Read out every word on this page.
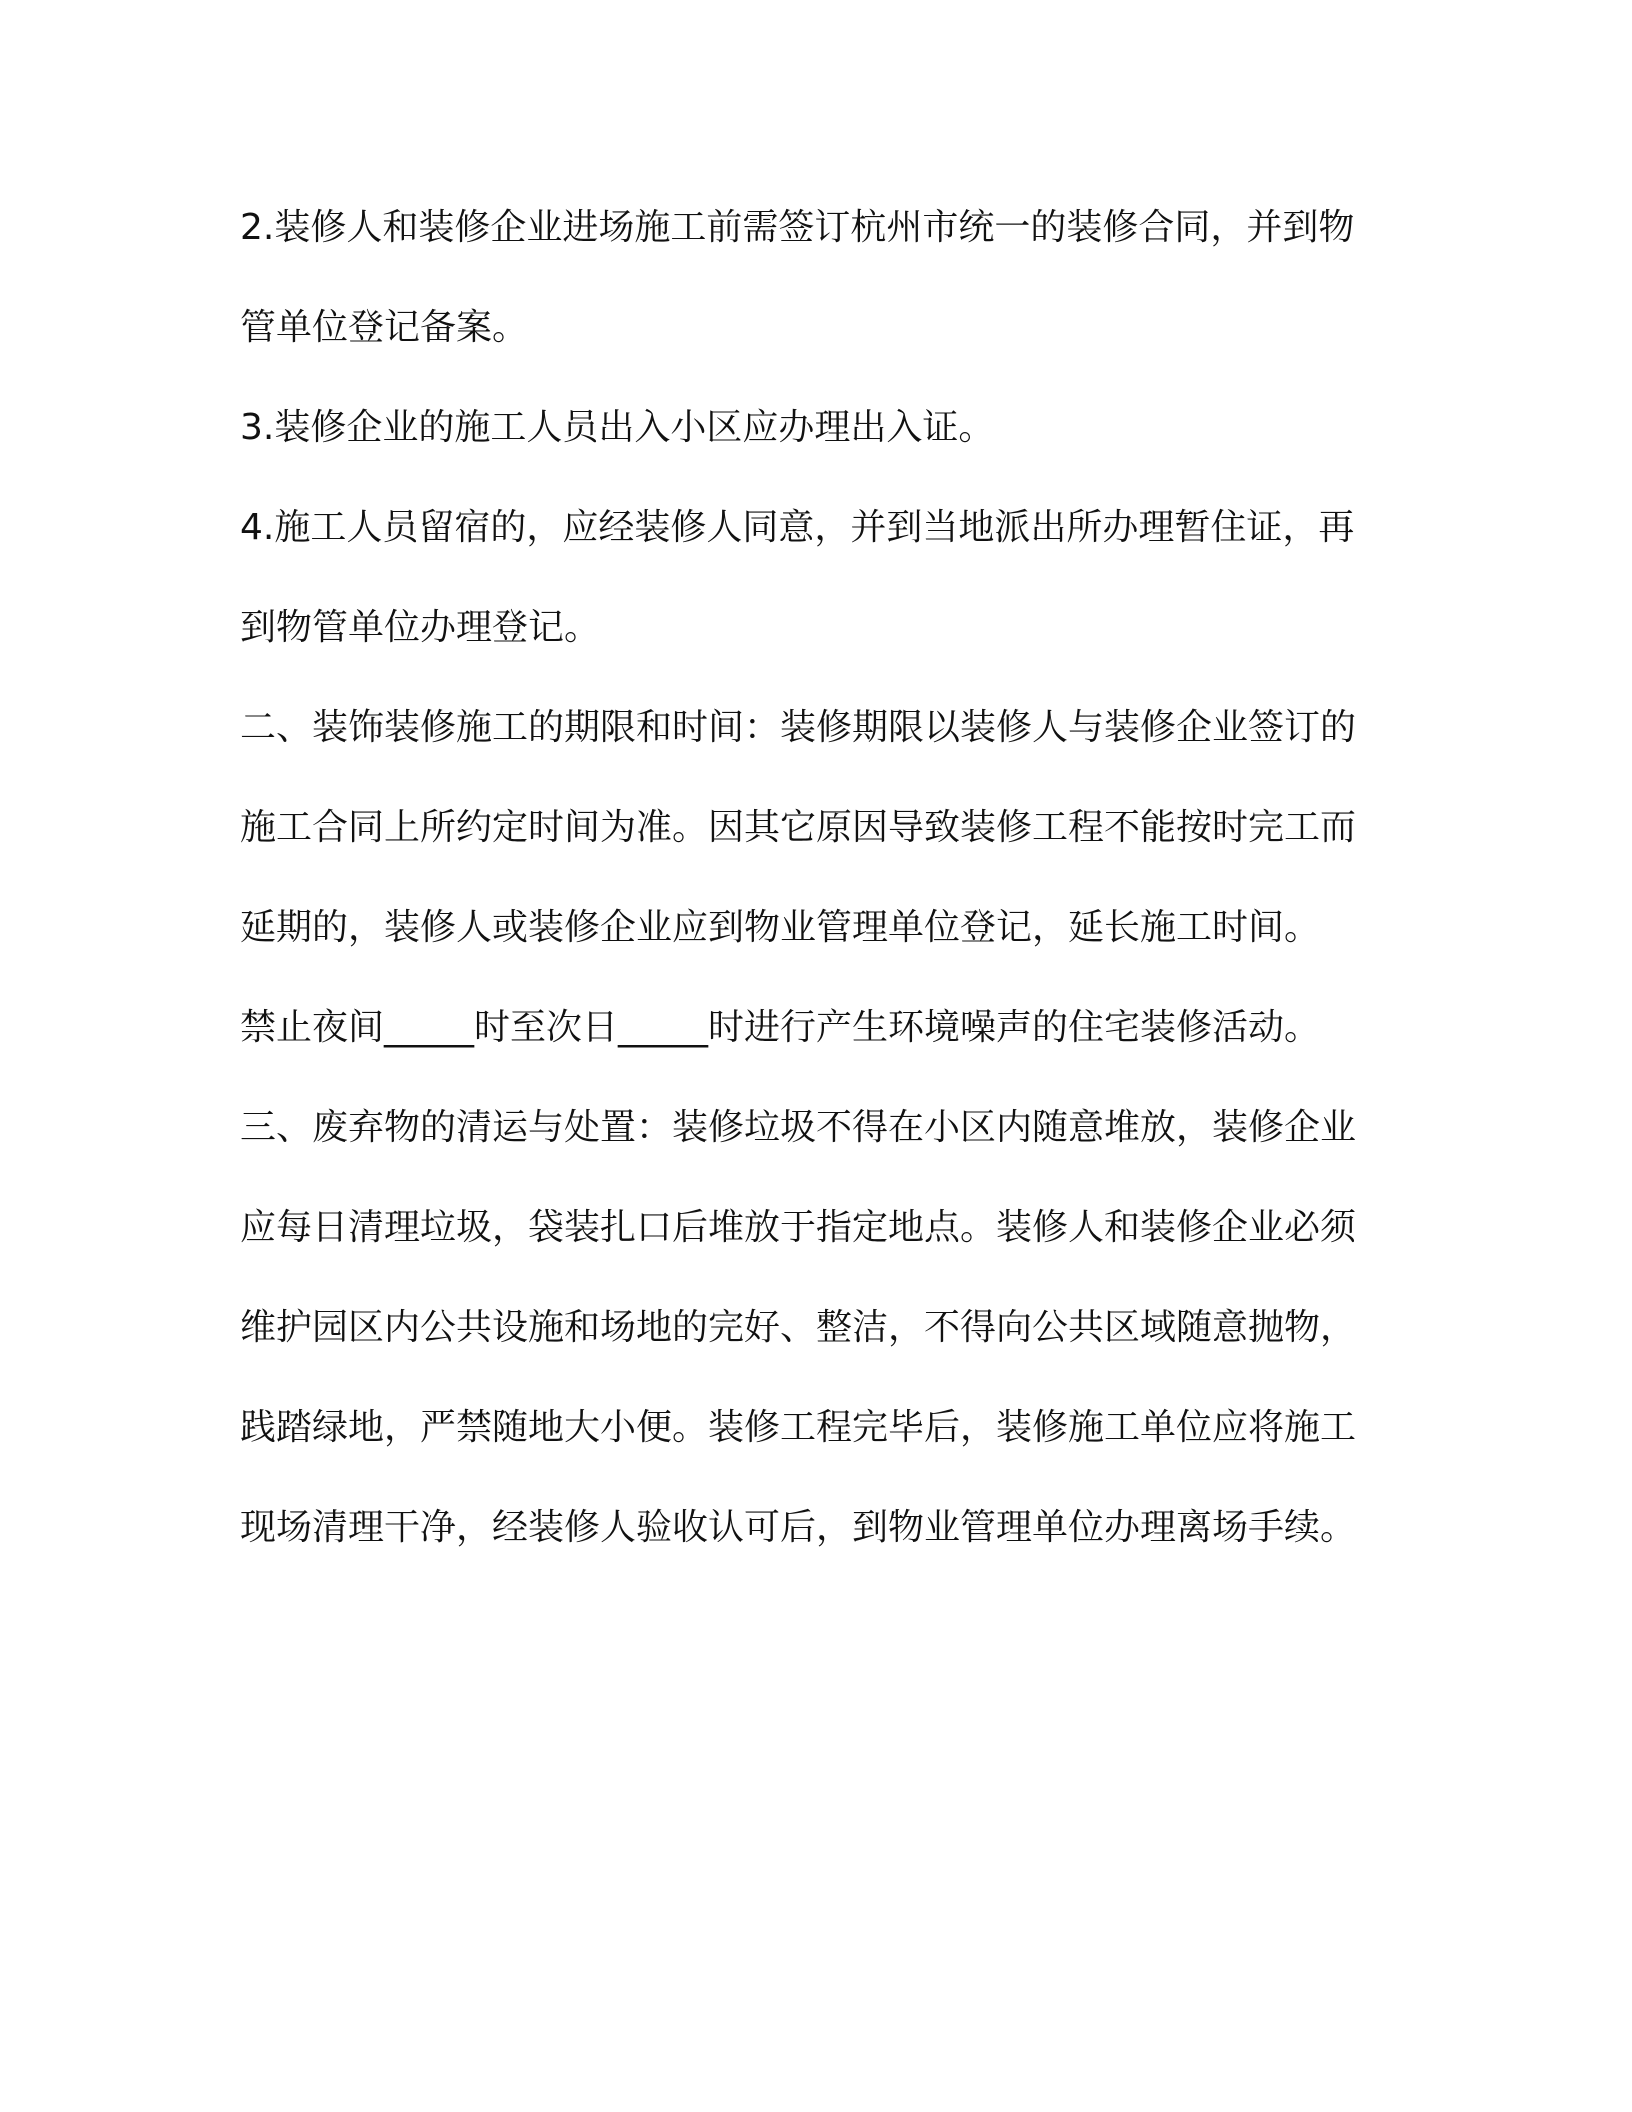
2.装修人和装修企业进场施工前需签订杭州市统一的装修合同，并到物管单位登记备案。

3.装修企业的施工人员出入小区应办理出入证。

4.施工人员留宿的，应经装修人同意，并到当地派出所办理暂住证，再到物管单位办理登记。

二、装饰装修施工的期限和时间：装修期限以装修人与装修企业签订的施工合同上所约定时间为准。因其它原因导致装修工程不能按时完工而延期的，装修人或装修企业应到物业管理单位登记，延长施工时间。

禁止夜间_____时至次日_____时进行产生环境噪声的住宅装修活动。

三、废弃物的清运与处置：装修垃圾不得在小区内随意堆放，装修企业应每日清理垃圾，袋装扎口后堆放于指定地点。装修人和装修企业必须维护园区内公共设施和场地的完好、整洁，不得向公共区域随意抛物，践踏绿地，严禁随地大小便。装修工程完毕后，装修施工单位应将施工现场清理干净，经装修人验收认可后，到物业管理单位办理离场手续。
